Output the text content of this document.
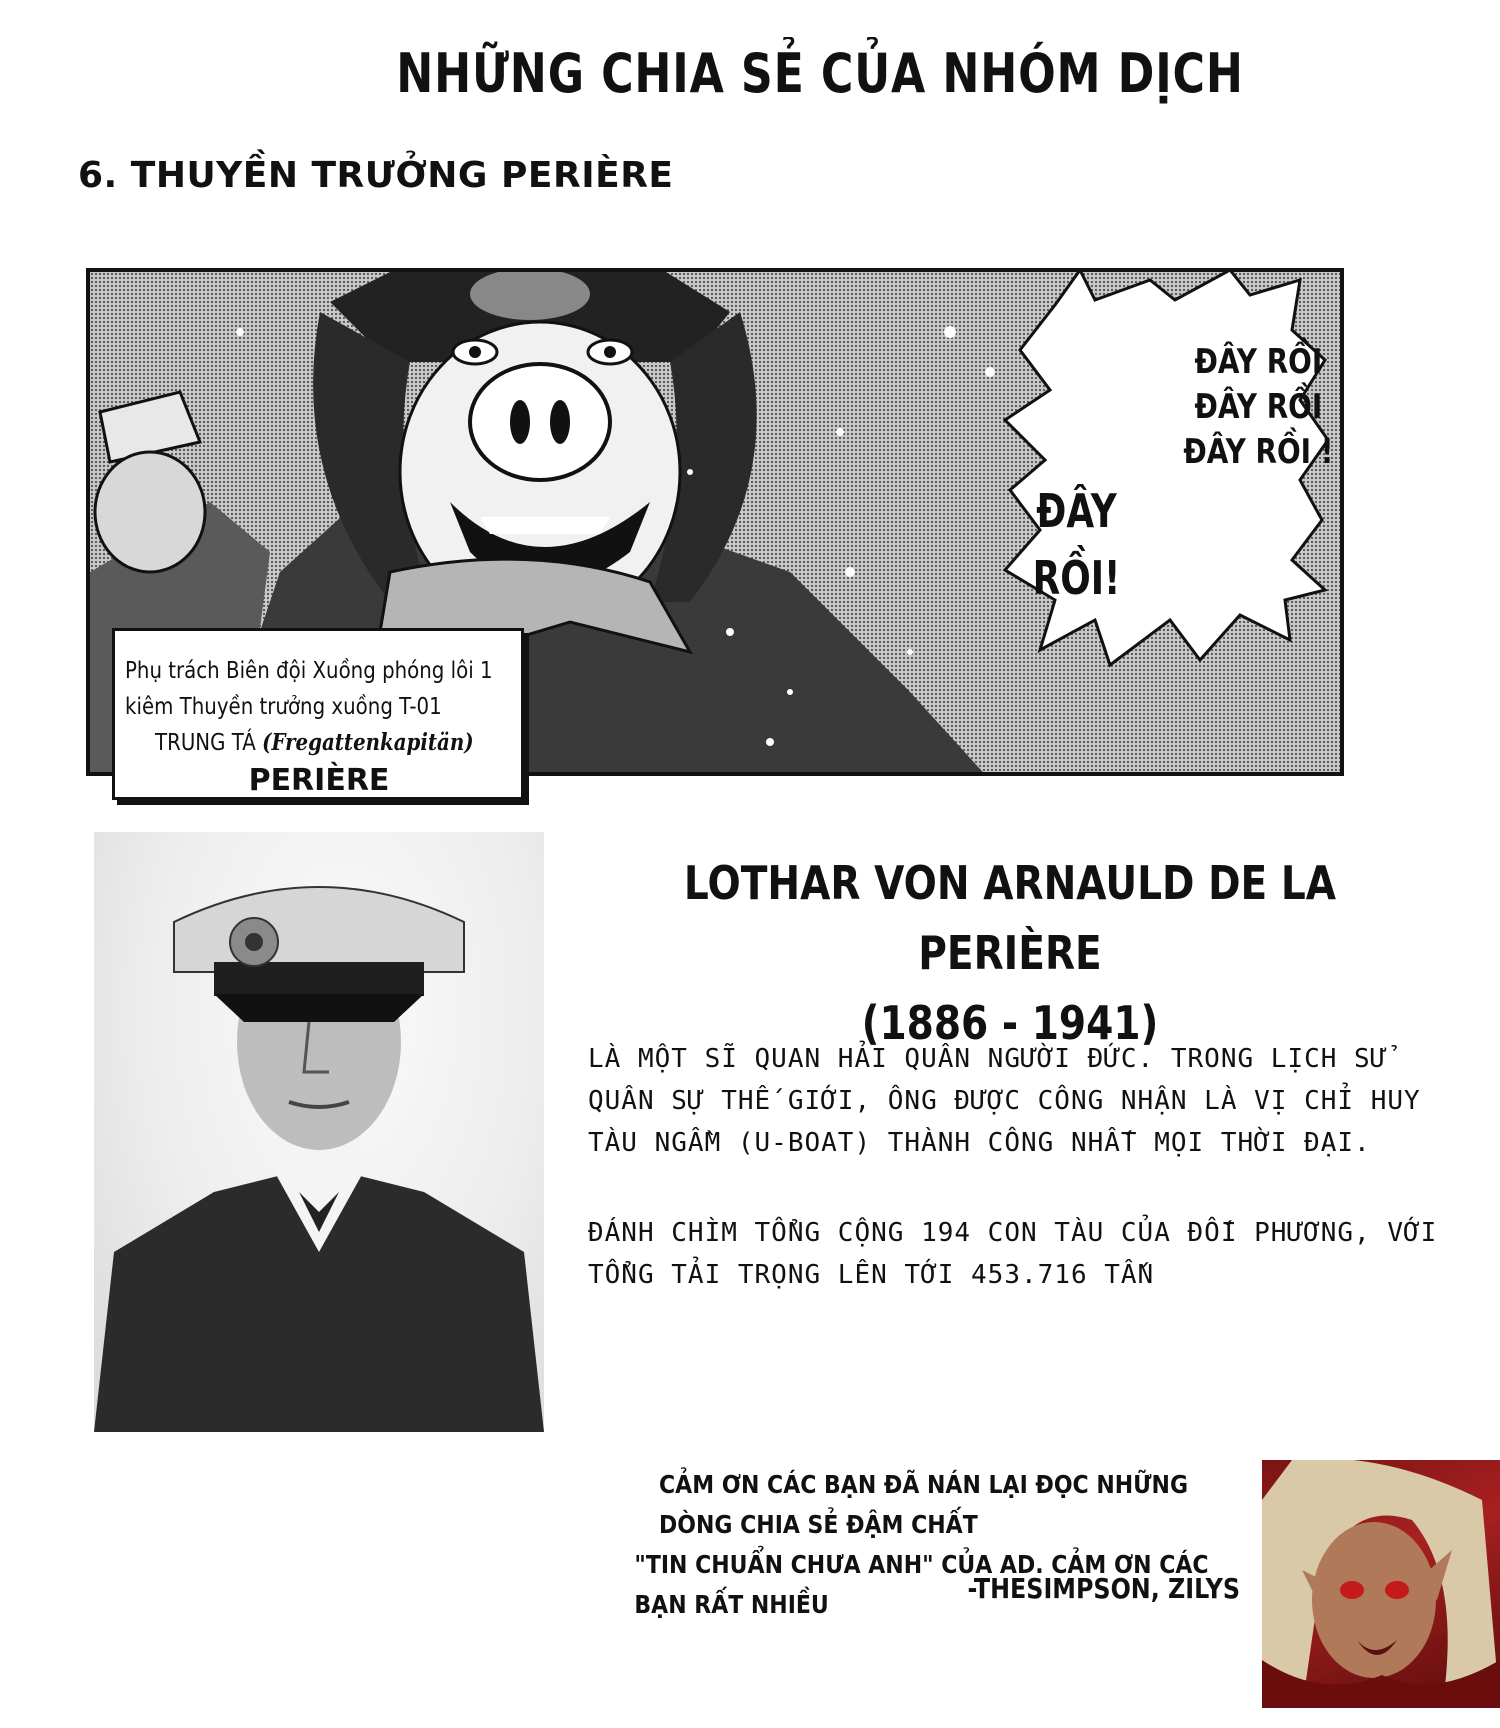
NHỮNG CHIA SẺ CỦA NHÓM DỊCH
6. THUYỀN TRƯỞNG PERIÈRE
ĐÂY RỒI
ĐÂY RỒI
ĐÂY RỒI !
ĐÂY
RỒI!
Phụ trách Biên đội Xuồng phóng lôi 1
kiêm Thuyền trưởng xuồng T-01
TRUNG TÁ (Fregattenkapitän)
PERIÈRE
LOTHAR VON ARNAULD DE LA PERIÈRE
(1886 - 1941)
LÀ MỘT SĨ QUAN HẢI QUÂN NGƯỜI ĐỨC. TRONG LỊCH SỬ QUÂN SỰ THẾ GIỚI, ÔNG ĐƯỢC CÔNG NHẬN LÀ VỊ CHỈ HUY TÀU NGẦM (U-BOAT) THÀNH CÔNG NHẤT MỌI THỜI ĐẠI.
ĐÁNH CHÌM TỔNG CỘNG 194 CON TÀU CỦA ĐỐI PHƯƠNG, VỚI TỔNG TẢI TRỌNG LÊN TỚI 453.716 TẤN
CẢM ƠN CÁC BẠN ĐÃ NÁN LẠI ĐỌC NHỮNG DÒNG CHIA SẺ ĐẬM CHẤT
"TIN CHUẨN CHƯA ANH" CỦA AD. CẢM ƠN CÁC BẠN RẤT NHIỀU	-THESIMPSON, ZILYS
